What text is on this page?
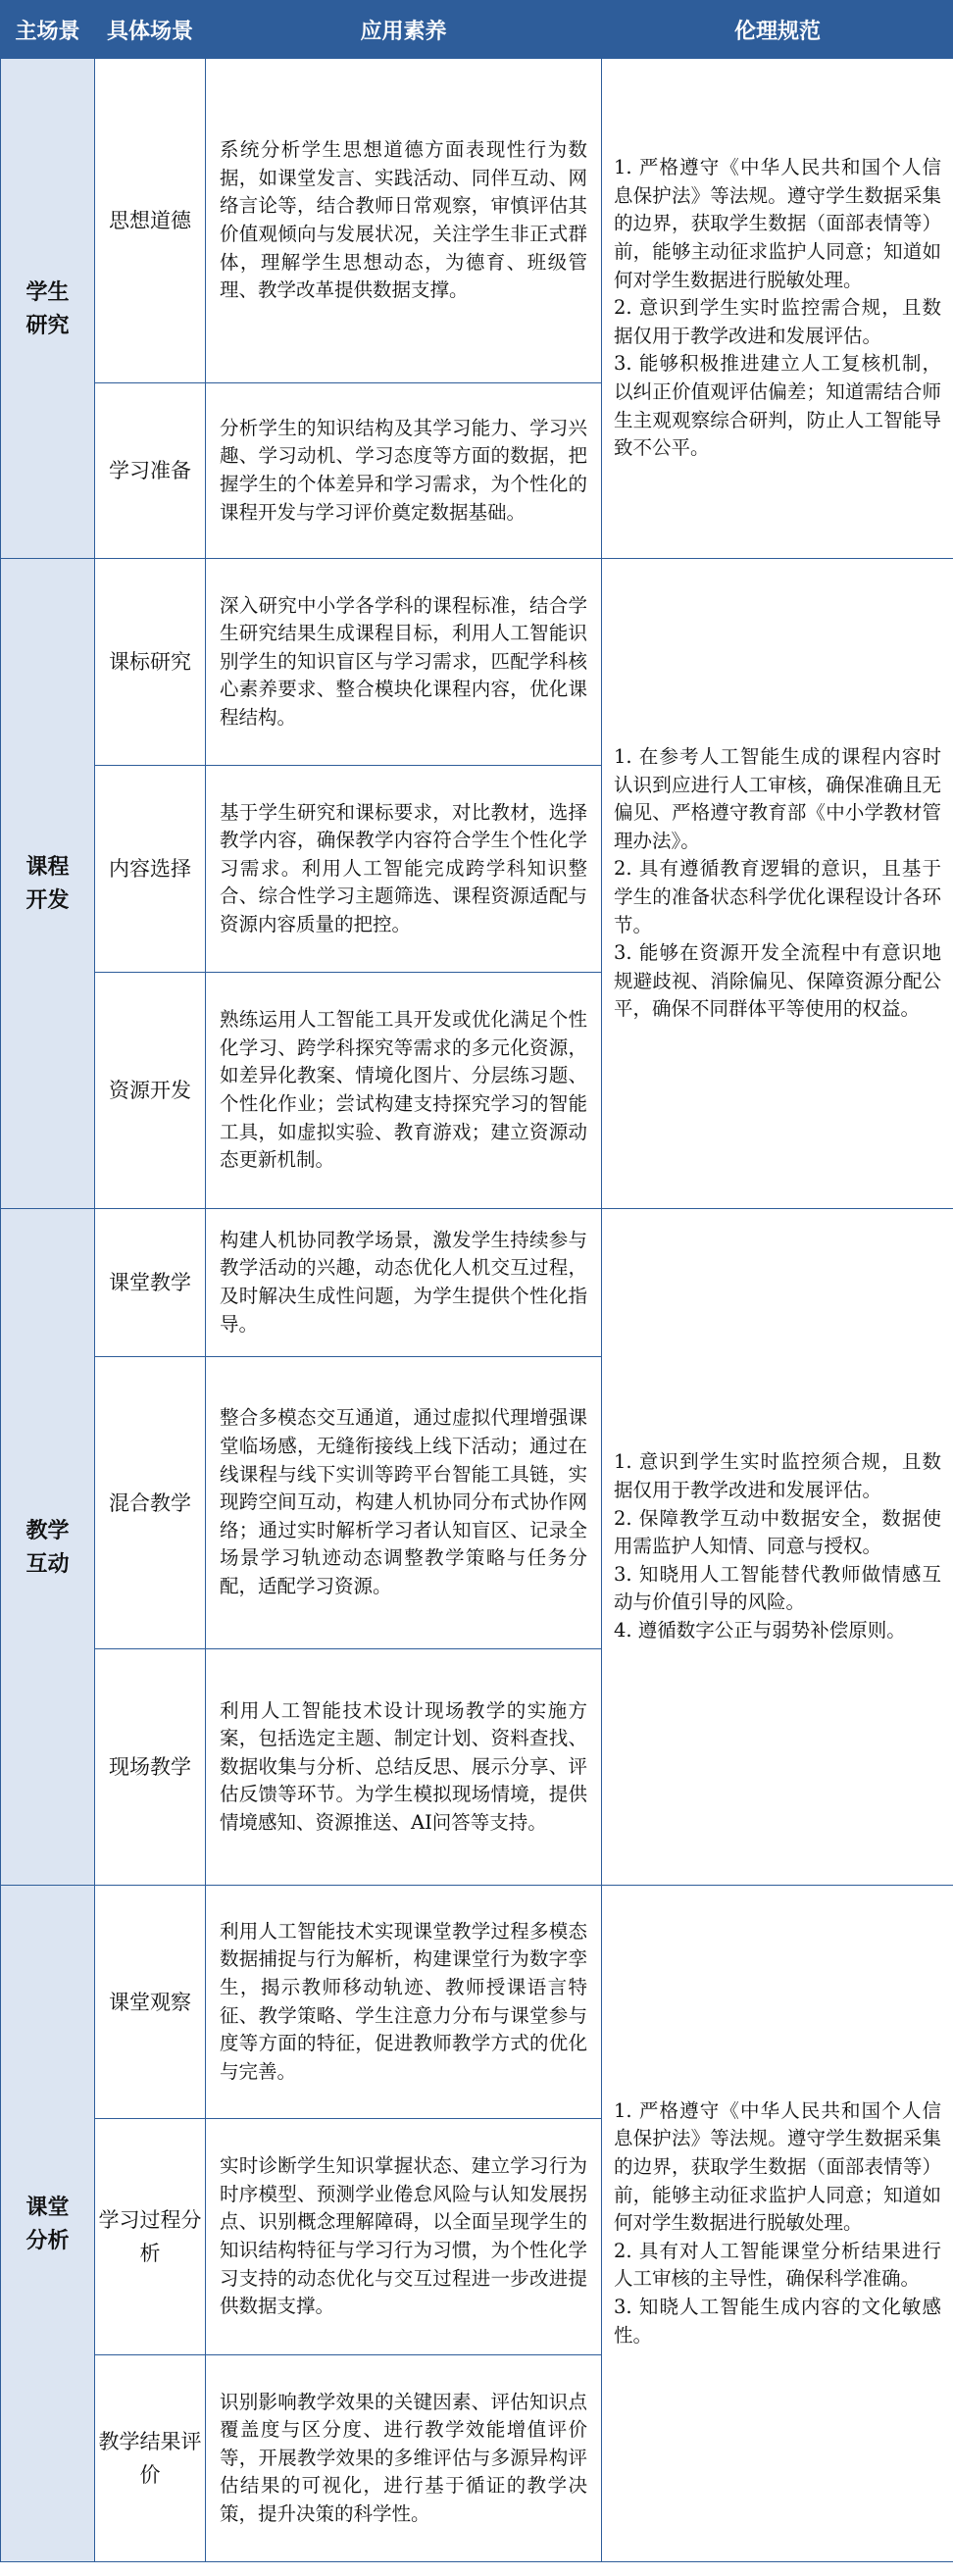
主场景	具体场景	应用素养	伦理规范

学生
研究	思想道德	系统分析学生思想道德方面表现性行为数据，如课堂发言、实践活动、同伴互动、网络言论等，结合教师日常观察，审慎评估其价值观倾向与发展状况，关注学生非正式群体，理解学生思想动态，为德育、班级管理、教学改革提供数据支撑。	1. 严格遵守《中华人民共和国个人信息保护法》等法规。遵守学生数据采集的边界，获取学生数据（面部表情等）前，能够主动征求监护人同意；知道如何对学生数据进行脱敏处理。
2. 意识到学生实时监控需合规，且数据仅用于教学改进和发展评估。
3. 能够积极推进建立人工复核机制，以纠正价值观评估偏差；知道需结合师生主观观察综合研判，防止人工智能导致不公平。

	学习准备	分析学生的知识结构及其学习能力、学习兴趣、学习动机、学习态度等方面的数据，把握学生的个体差异和学习需求，为个性化的课程开发与学习评价奠定数据基础。	

课程
开发	课标研究	深入研究中小学各学科的课程标准，结合学生研究结果生成课程目标，利用人工智能识别学生的知识盲区与学习需求，匹配学科核心素养要求、整合模块化课程内容，优化课程结构。	1. 在参考人工智能生成的课程内容时认识到应进行人工审核，确保准确且无偏见、严格遵守教育部《中小学教材管理办法》。
2. 具有遵循教育逻辑的意识，且基于学生的准备状态科学优化课程设计各环节。
3. 能够在资源开发全流程中有意识地规避歧视、消除偏见、保障资源分配公平，确保不同群体平等使用的权益。

	内容选择	基于学生研究和课标要求，对比教材，选择教学内容，确保教学内容符合学生个性化学习需求。利用人工智能完成跨学科知识整合、综合性学习主题筛选、课程资源适配与资源内容质量的把控。	
	资源开发	熟练运用人工智能工具开发或优化满足个性化学习、跨学科探究等需求的多元化资源，如差异化教案、情境化图片、分层练习题、个性化作业；尝试构建支持探究学习的智能工具，如虚拟实验、教育游戏；建立资源动态更新机制。	

教学
互动	课堂教学	构建人机协同教学场景，激发学生持续参与教学活动的兴趣，动态优化人机交互过程，及时解决生成性问题，为学生提供个性化指导。	1. 意识到学生实时监控须合规，且数据仅用于教学改进和发展评估。
2. 保障教学互动中数据安全，数据使用需监护人知情、同意与授权。
3. 知晓用人工智能替代教师做情感互动与价值引导的风险。
4. 遵循数字公正与弱势补偿原则。

	混合教学	整合多模态交互通道，通过虚拟代理增强课堂临场感，无缝衔接线上线下活动；通过在线课程与线下实训等跨平台智能工具链，实现跨空间互动，构建人机协同分布式协作网络；通过实时解析学习者认知盲区、记录全场景学习轨迹动态调整教学策略与任务分配，适配学习资源。	
	现场教学	利用人工智能技术设计现场教学的实施方案，包括选定主题、制定计划、资料查找、数据收集与分析、总结反思、展示分享、评估反馈等环节。为学生模拟现场情境，提供情境感知、资源推送、AI问答等支持。	

课堂
分析	课堂观察	利用人工智能技术实现课堂教学过程多模态数据捕捉与行为解析，构建课堂行为数字孪生，揭示教师移动轨迹、教师授课语言特征、教学策略、学生注意力分布与课堂参与度等方面的特征，促进教师教学方式的优化与完善。	1. 严格遵守《中华人民共和国个人信息保护法》等法规。遵守学生数据采集的边界，获取学生数据（面部表情等）前，能够主动征求监护人同意；知道如何对学生数据进行脱敏处理。
2. 具有对人工智能课堂分析结果进行人工审核的主导性，确保科学准确。
3. 知晓人工智能生成内容的文化敏感性。

	学习过程分析	实时诊断学生知识掌握状态、建立学习行为时序模型、预测学业倦怠风险与认知发展拐点、识别概念理解障碍，以全面呈现学生的知识结构特征与学习行为习惯，为个性化学习支持的动态优化与交互过程进一步改进提供数据支撑。	
	教学结果评价	识别影响教学效果的关键因素、评估知识点覆盖度与区分度、进行教学效能增值评价等，开展教学效果的多维评估与多源异构评估结果的可视化，进行基于循证的教学决策，提升决策的科学性。	
